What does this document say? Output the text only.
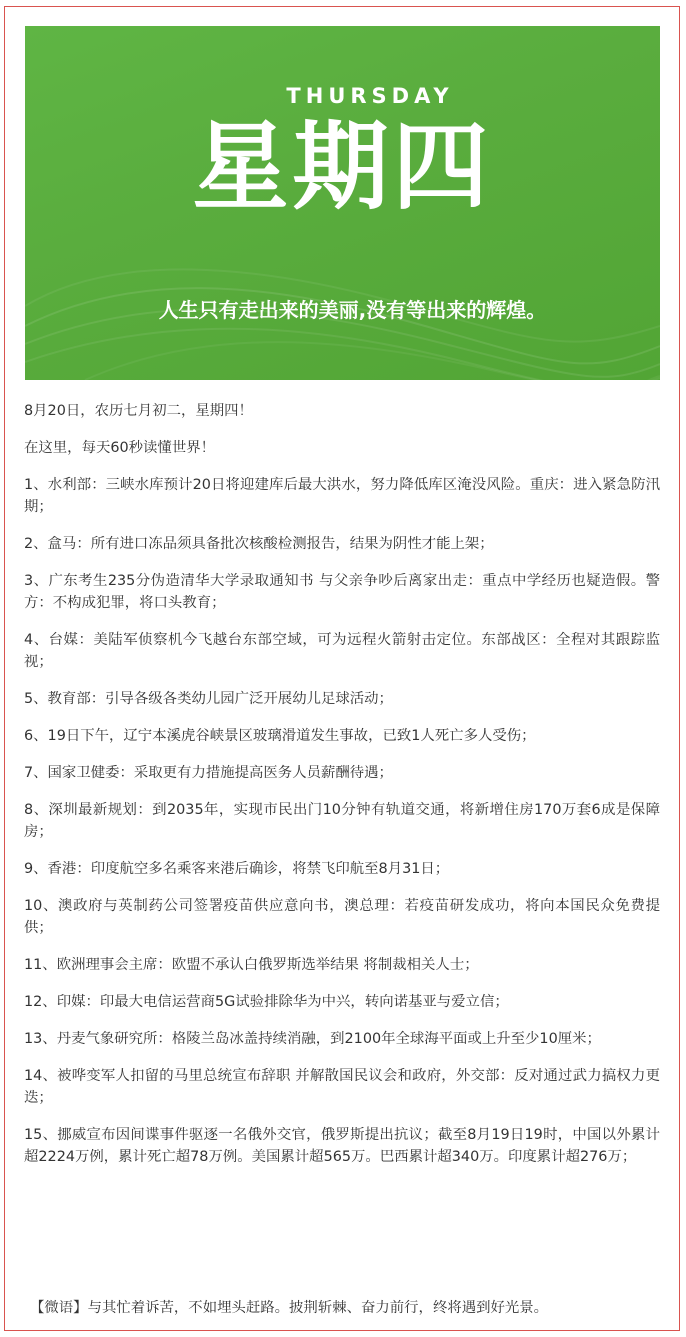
THURSDAY
星期四
人生只有走出来的美丽,没有等出来的辉煌。

8月20日，农历七月初二，星期四！

在这里，每天60秒读懂世界！

1、水利部：三峡水库预计20日将迎建库后最大洪水，努力降低库区淹没风险。重庆：进入紧急防汛期；

2、盒马：所有进口冻品须具备批次核酸检测报告，结果为阴性才能上架；

3、广东考生235分伪造清华大学录取通知书 与父亲争吵后离家出走：重点中学经历也疑造假。警方：不构成犯罪，将口头教育；

4、台媒：美陆军侦察机今飞越台东部空域，可为远程火箭射击定位。东部战区：全程对其跟踪监视；

5、教育部：引导各级各类幼儿园广泛开展幼儿足球活动；

6、19日下午，辽宁本溪虎谷峡景区玻璃滑道发生事故，已致1人死亡多人受伤；

7、国家卫健委：采取更有力措施提高医务人员薪酬待遇；

8、深圳最新规划：到2035年，实现市民出门10分钟有轨道交通，将新增住房170万套6成是保障房；

9、香港：印度航空多名乘客来港后确诊，将禁飞印航至8月31日；

10、澳政府与英制药公司签署疫苗供应意向书，澳总理：若疫苗研发成功，将向本国民众免费提供；

11、欧洲理事会主席：欧盟不承认白俄罗斯选举结果 将制裁相关人士；

12、印媒：印最大电信运营商5G试验排除华为中兴，转向诺基亚与爱立信；

13、丹麦气象研究所：格陵兰岛冰盖持续消融，到2100年全球海平面或上升至少10厘米；

14、被哗变军人扣留的马里总统宣布辞职 并解散国民议会和政府，外交部：反对通过武力搞权力更迭；

15、挪威宣布因间谍事件驱逐一名俄外交官，俄罗斯提出抗议；截至8月19日19时，中国以外累计超2224万例，累计死亡超78万例。美国累计超565万。巴西累计超340万。印度累计超276万；

【微语】与其忙着诉苦，不如埋头赶路。披荆斩棘、奋力前行，终将遇到好光景。
